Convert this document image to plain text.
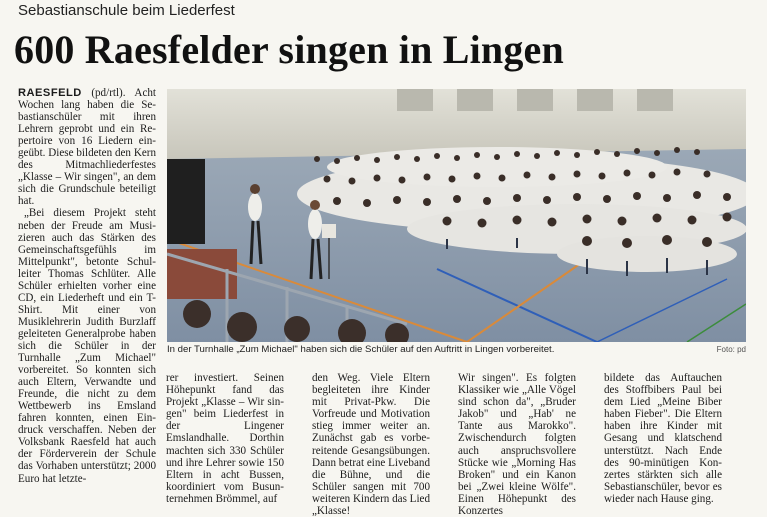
Sebastianschule beim Liederfest
600 Raesfelder singen in Lingen

RAESFELD (pd/rtl). Acht Wochen lang haben die Sebastianschüler mit ihren Lehrern geprobt und ein Repertoire von 16 Liedern eingeübt. Diese bildeten den Kern des Mitmachliederfestes „Klasse – Wir singen", an dem sich die Grundschule beteiligt hat.

„Bei diesem Projekt steht neben der Freude am Musizieren auch das Stärken des Gemeinschaftsgefühls im Mittelpunkt", betonte Schulleiter Thomas Schlüter. Alle Schüler erhielten vorher eine CD, ein Liederheft und ein T-Shirt. Mit einer von Musiklehrerin Judith Burzlaff geleiteten Generalprobe haben sich die Schüler in der Turnhalle „Zum Michael" vorbereitet. So konnten sich auch Eltern, Verwandte und Freunde, die nicht zu dem Wettbewerb ins Emsland fahren konnten, einen Eindruck verschaffen. Neben der Volksbank Raesfeld hat auch der Förderverein der Schule das Vorhaben unterstützt; 2000 Euro hat letzte-

In der Turnhalle „Zum Michael" haben sich die Schüler auf den Auftritt in Lingen vorbereitet.	Foto: pd

rer investiert. Seinen Höhepunkt fand das Projekt „Klasse – Wir singen" beim Liederfest in der Lingener Emslandhalle. Dorthin machten sich 330 Schüler und ihre Lehrer sowie 150 Eltern in acht Bussen, koordiniert vom Busunternehmen Brömmel, auf

den Weg. Viele Eltern begleiteten ihre Kinder mit Privat-Pkw. Die Vorfreude und Motivation stieg immer weiter an. Zunächst gab es vorbereitende Gesangsübungen. Dann betrat eine Liveband die Bühne, und die Schüler sangen mit 700 weiteren Kindern das Lied „Klasse!

Wir singen". Es folgten Klassiker wie „Alle Vögel sind schon da", „Bruder Jakob" und „Hab' ne Tante aus Marokko". Zwischendurch folgten auch anspruchsvollere Stücke wie „Morning Has Broken" und ein Kanon bei „Zwei kleine Wölfe". Einen Höhepunkt des Konzertes

bildete das Auftauchen des Stoffbibers Paul bei dem Lied „Meine Biber haben Fieber". Die Eltern haben ihre Kinder mit Gesang und klatschend unterstützt. Nach Ende des 90-minütigen Konzertes stärkten sich alle Sebastianschüler, bevor es wieder nach Hause ging.
